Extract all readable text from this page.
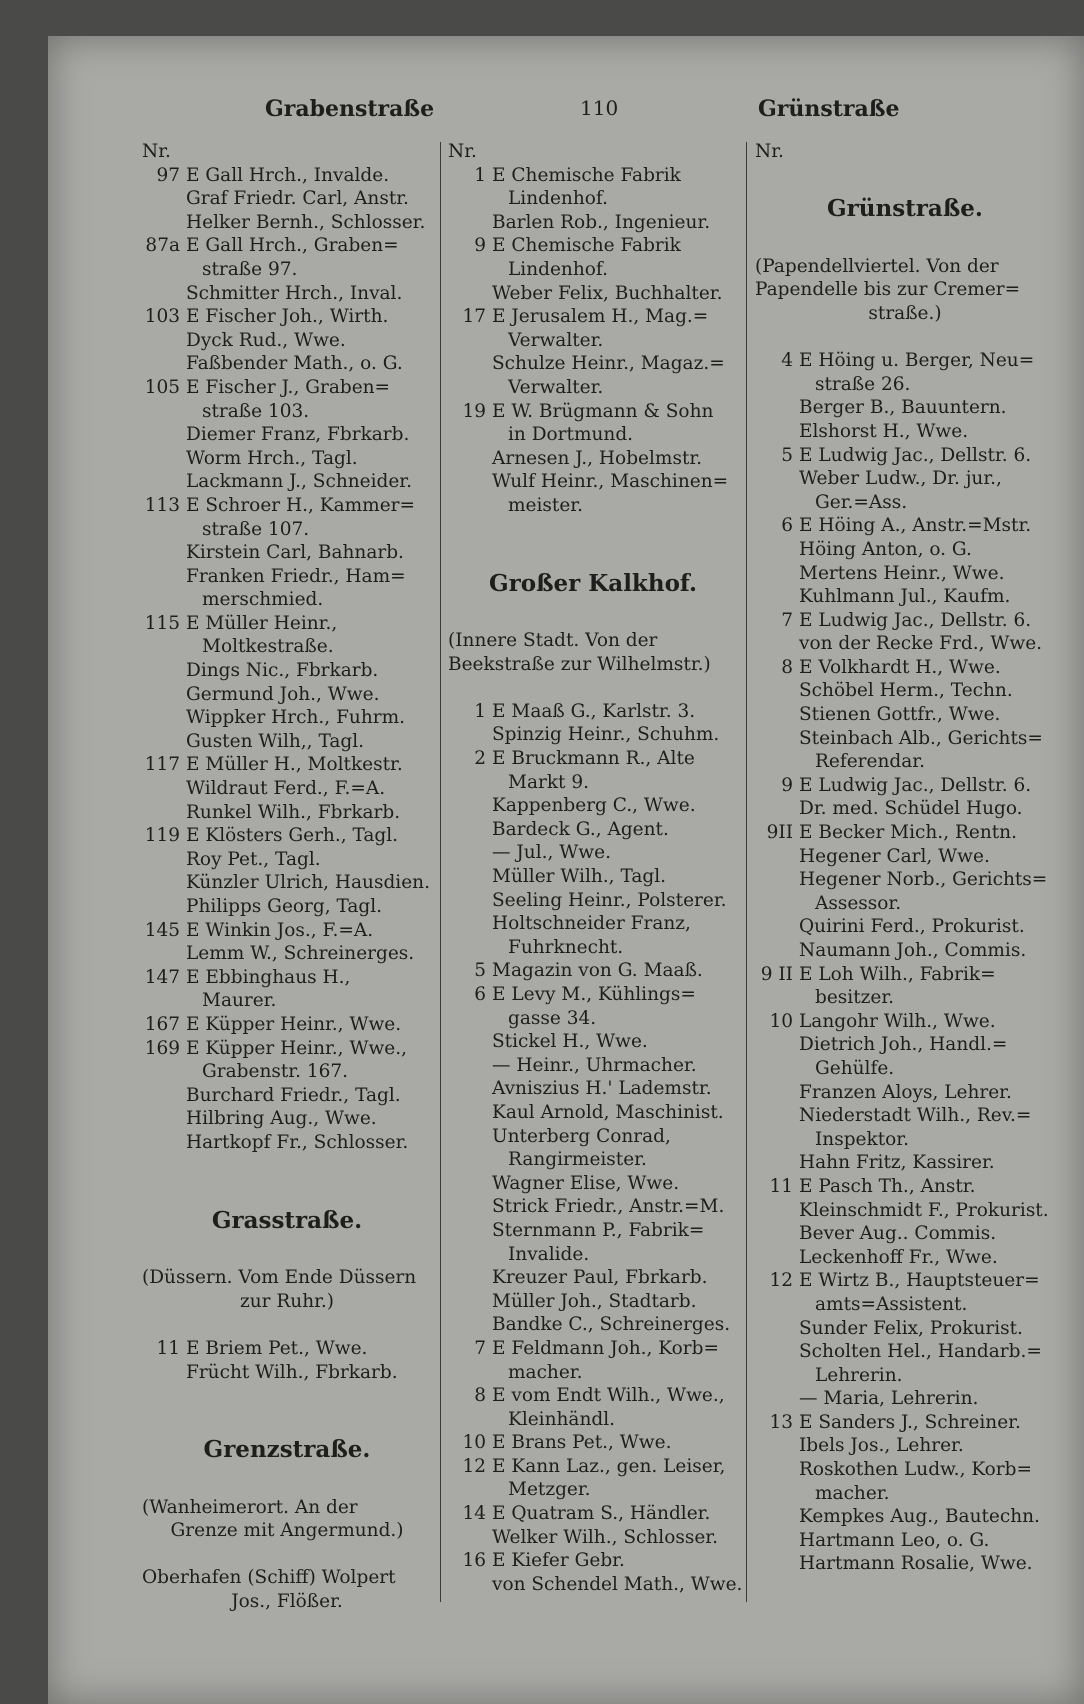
Grabenstraße	110	Grünstraße
Nr.
97 E Gall Hrch., Invalde.
Graf Friedr. Carl, Anstr.
Helker Bernh., Schlosser.
87a E Gall Hrch., Graben=
straße 97.
Schmitter Hrch., Inval.
103 E Fischer Joh., Wirth.
Dyck Rud., Wwe.
Faßbender Math., o. G.
105 E Fischer J., Graben=
straße 103.
Diemer Franz, Fbrkarb.
Worm Hrch., Tagl.
Lackmann J., Schneider.
113 E Schroer H., Kammer=
straße 107.
Kirstein Carl, Bahnarb.
Franken Friedr., Ham=
merschmied.
115 E Müller Heinr.,
Moltkestraße.
Dings Nic., Fbrkarb.
Germund Joh., Wwe.
Wippker Hrch., Fuhrm.
Gusten Wilh,, Tagl.
117 E Müller H., Moltkestr.
Wildraut Ferd., F.=A.
Runkel Wilh., Fbrkarb.
119 E Klösters Gerh., Tagl.
Roy Pet., Tagl.
Künzler Ulrich, Hausdien.
Philipps Georg, Tagl.
145 E Winkin Jos., F.=A.
Lemm W., Schreinerges.
147 E Ebbinghaus H.,
Maurer.
167 E Küpper Heinr., Wwe.
169 E Küpper Heinr., Wwe.,
Grabenstr. 167.
Burchard Friedr., Tagl.
Hilbring Aug., Wwe.
Hartkopf Fr., Schlosser.
Grasstraße.
(Düssern. Vom Ende Düssern
zur Ruhr.)
11 E Briem Pet., Wwe.
Frücht Wilh., Fbrkarb.
Grenzstraße.
(Wanheimerort. An der
Grenze mit Angermund.)
Oberhafen (Schiff) Wolpert
Jos., Flößer.
Nr.
1 E Chemische Fabrik
Lindenhof.
Barlen Rob., Ingenieur.
9 E Chemische Fabrik
Lindenhof.
Weber Felix, Buchhalter.
17 E Jerusalem H., Mag.=
Verwalter.
Schulze Heinr., Magaz.=
Verwalter.
19 E W. Brügmann & Sohn
in Dortmund.
Arnesen J., Hobelmstr.
Wulf Heinr., Maschinen=
meister.
Großer Kalkhof.
(Innere Stadt. Von der
Beekstraße zur Wilhelmstr.)
1 E Maaß G., Karlstr. 3.
Spinzig Heinr., Schuhm.
2 E Bruckmann R., Alte
Markt 9.
Kappenberg C., Wwe.
Bardeck G., Agent.
— Jul., Wwe.
Müller Wilh., Tagl.
Seeling Heinr., Polsterer.
Holtschneider Franz,
Fuhrknecht.
5 Magazin von G. Maaß.
6 E Levy M., Kühlings=
gasse 34.
Stickel H., Wwe.
— Heinr., Uhrmacher.
Avniszius H.' Lademstr.
Kaul Arnold, Maschinist.
Unterberg Conrad,
Rangirmeister.
Wagner Elise, Wwe.
Strick Friedr., Anstr.=M.
Sternmann P., Fabrik=
Invalide.
Kreuzer Paul, Fbrkarb.
Müller Joh., Stadtarb.
Bandke C., Schreinerges.
7 E Feldmann Joh., Korb=
macher.
8 E vom Endt Wilh., Wwe.,
Kleinhändl.
10 E Brans Pet., Wwe.
12 E Kann Laz., gen. Leiser,
Metzger.
14 E Quatram S., Händler.
Welker Wilh., Schlosser.
16 E Kiefer Gebr.
von Schendel Math., Wwe.
Nr.
Grünstraße.
(Papendellviertel. Von der
Papendelle bis zur Cremer=
straße.)
4 E Höing u. Berger, Neu=
straße 26.
Berger B., Bauuntern.
Elshorst H., Wwe.
5 E Ludwig Jac., Dellstr. 6.
Weber Ludw., Dr. jur.,
Ger.=Ass.
6 E Höing A., Anstr.=Mstr.
Höing Anton, o. G.
Mertens Heinr., Wwe.
Kuhlmann Jul., Kaufm.
7 E Ludwig Jac., Dellstr. 6.
von der Recke Frd., Wwe.
8 E Volkhardt H., Wwe.
Schöbel Herm., Techn.
Stienen Gottfr., Wwe.
Steinbach Alb., Gerichts=
Referendar.
9 E Ludwig Jac., Dellstr. 6.
Dr. med. Schüdel Hugo.
9II E Becker Mich., Rentn.
Hegener Carl, Wwe.
Hegener Norb., Gerichts=
Assessor.
Quirini Ferd., Prokurist.
Naumann Joh., Commis.
9 II E Loh Wilh., Fabrik=
besitzer.
10 Langohr Wilh., Wwe.
Dietrich Joh., Handl.=
Gehülfe.
Franzen Aloys, Lehrer.
Niederstadt Wilh., Rev.=
Inspektor.
Hahn Fritz, Kassirer.
11 E Pasch Th., Anstr.
Kleinschmidt F., Prokurist.
Bever Aug.. Commis.
Leckenhoff Fr., Wwe.
12 E Wirtz B., Hauptsteuer=
amts=Assistent.
Sunder Felix, Prokurist.
Scholten Hel., Handarb.=
Lehrerin.
— Maria, Lehrerin.
13 E Sanders J., Schreiner.
Ibels Jos., Lehrer.
Roskothen Ludw., Korb=
macher.
Kempkes Aug., Bautechn.
Hartmann Leo, o. G.
Hartmann Rosalie, Wwe.
